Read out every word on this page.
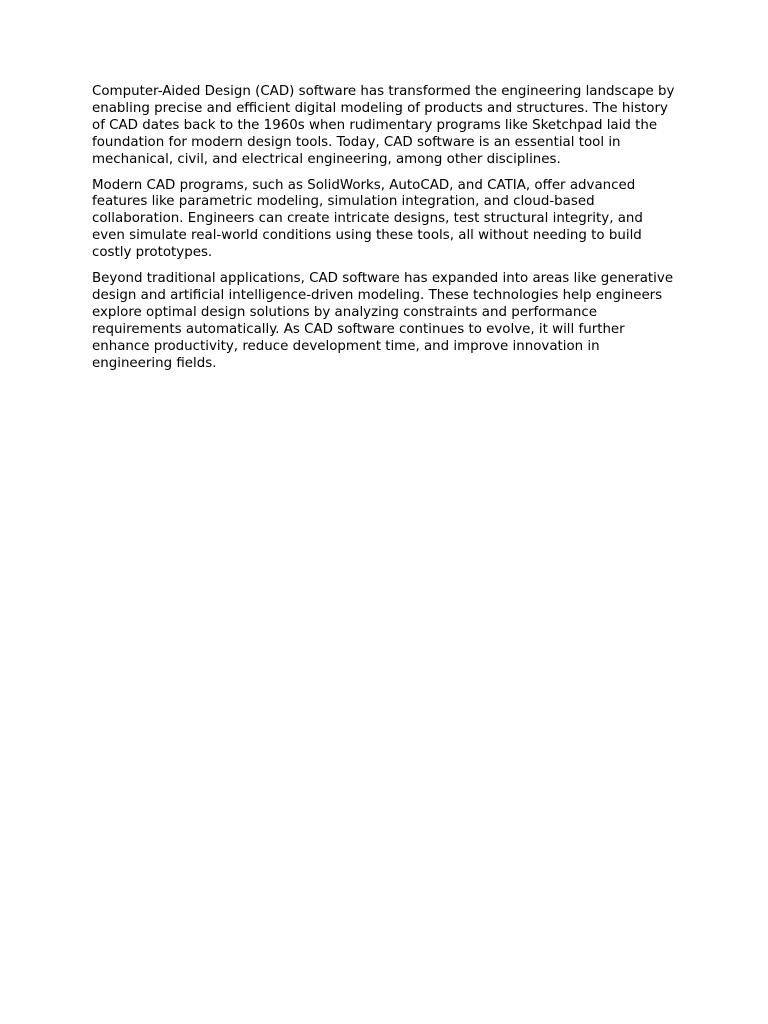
Computer-Aided Design (CAD) software has transformed the engineering landscape by enabling precise and efficient digital modeling of products and structures. The history of CAD dates back to the 1960s when rudimentary programs like Sketchpad laid the foundation for modern design tools. Today, CAD software is an essential tool in mechanical, civil, and electrical engineering, among other disciplines.

Modern CAD programs, such as SolidWorks, AutoCAD, and CATIA, offer advanced features like parametric modeling, simulation integration, and cloud-based collaboration. Engineers can create intricate designs, test structural integrity, and even simulate real-world conditions using these tools, all without needing to build costly prototypes.

Beyond traditional applications, CAD software has expanded into areas like generative design and artificial intelligence-driven modeling. These technologies help engineers explore optimal design solutions by analyzing constraints and performance requirements automatically. As CAD software continues to evolve, it will further enhance productivity, reduce development time, and improve innovation in engineering fields.
